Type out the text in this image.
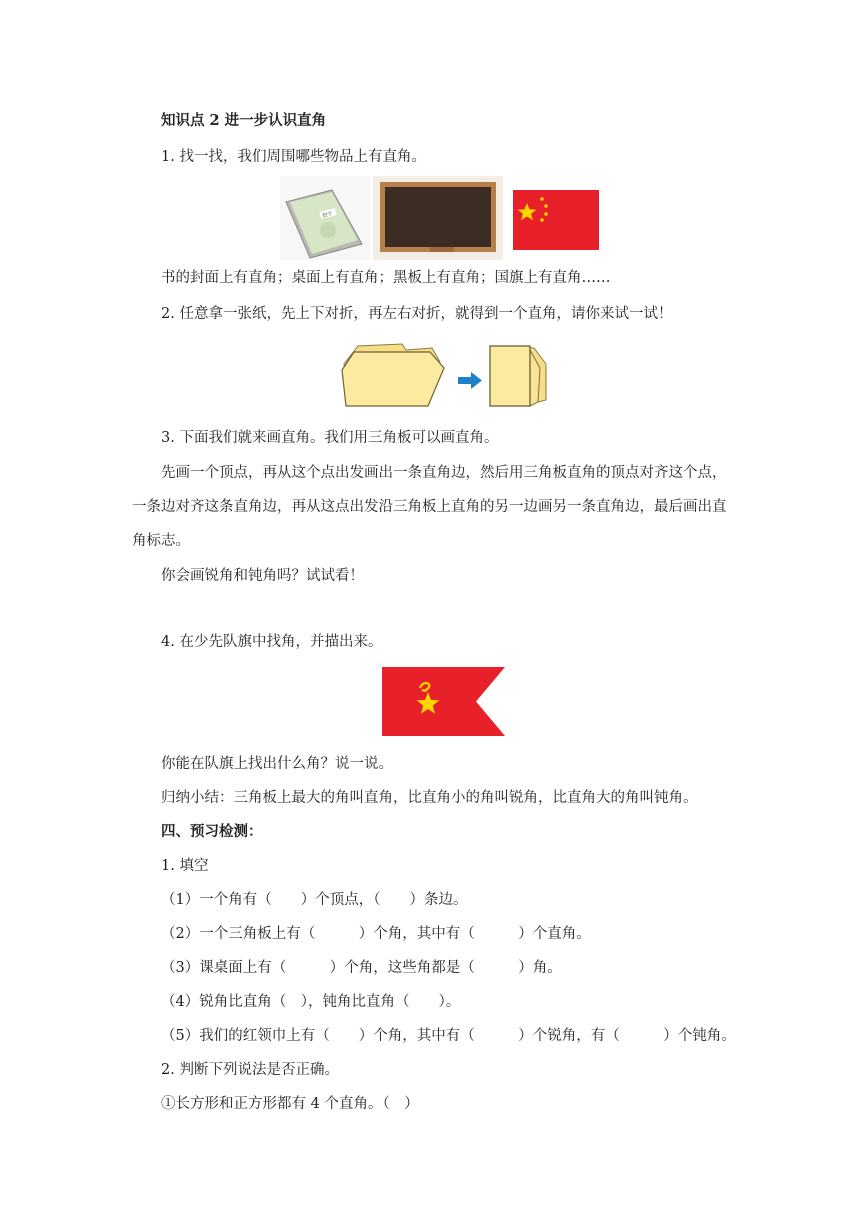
知识点 2 进一步认识直角
1. 找一找，我们周围哪些物品上有直角。
数学
书的封面上有直角；桌面上有直角；黑板上有直角；国旗上有直角……
2. 任意拿一张纸，先上下对折，再左右对折，就得到一个直角，请你来试一试！
3. 下面我们就来画直角。我们用三角板可以画直角。
先画一个顶点，再从这个点出发画出一条直角边，然后用三角板直角的顶点对齐这个点，一条边对齐这条直角边，再从这点出发沿三角板上直角的另一边画另一条直角边，最后画出直角标志。
你会画锐角和钝角吗？试试看！
4. 在少先队旗中找角，并描出来。
你能在队旗上找出什么角？说一说。
归纳小结：三角板上最大的角叫直角，比直角小的角叫锐角，比直角大的角叫钝角。
四、预习检测：
1. 填空
（1）一个角有（　　）个顶点，（　　）条边。
（2）一个三角板上有（　　　）个角，其中有（　　　）个直角。
（3）课桌面上有（　　　）个角，这些角都是（　　　）角。
（4）锐角比直角（　），钝角比直角（　　）。
（5）我们的红领巾上有（　　）个角，其中有（　　　）个锐角，有（　　　）个钝角。
2. 判断下列说法是否正确。
①长方形和正方形都有 4 个直角。（　）
